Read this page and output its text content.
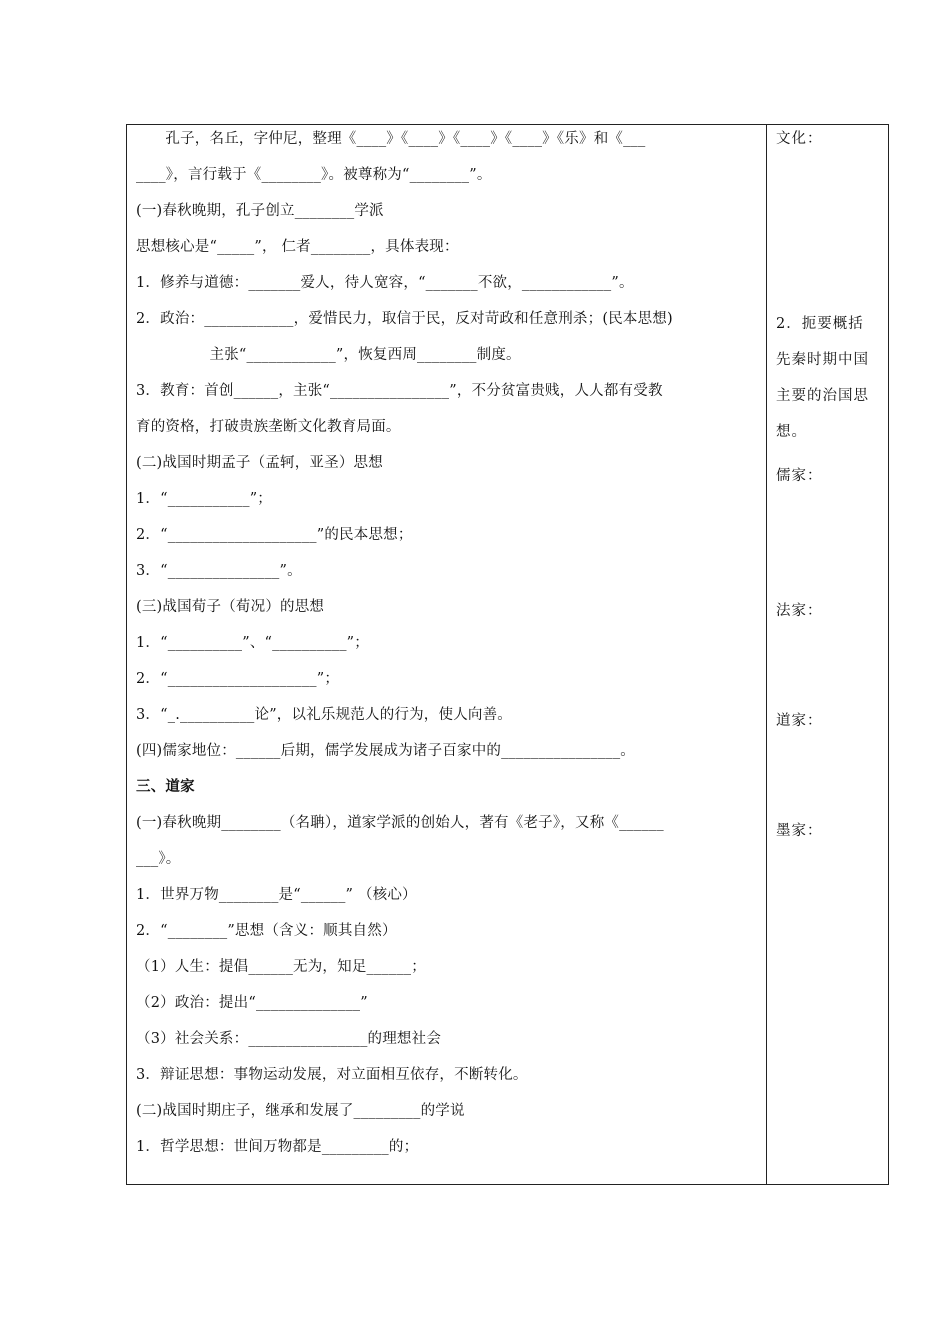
　　孔子，名丘，字仲尼，整理《____》《____》《____》《____》《乐》和《___
____》，言行载于《________》。被尊称为“________”。
(一)春秋晚期，孔子创立________学派
思想核心是“_____”， 仁者________，具体表现：
1．修养与道德：_______爱人，待人宽容，“_______不欲，____________”。
2．政治：____________，爱惜民力，取信于民，反对苛政和任意刑杀；(民本思想)
　　　　　主张“____________”，恢复西周________制度。
3．教育：首创______，主张“________________”，不分贫富贵贱，人人都有受教
育的资格，打破贵族垄断文化教育局面。
(二)战国时期孟子（孟轲，亚圣）思想
1．“___________”；
2．“____________________”的民本思想；
3．“_______________”。
(三)战国荀子（荀况）的思想
1．“__________”、“__________”；
2．“____________________”；
3．“_.__________论”，以礼乐规范人的行为，使人向善。
(四)儒家地位：______后期，儒学发展成为诸子百家中的________________。
三、道家
(一)春秋晚期________（名聃），道家学派的创始人，著有《老子》，又称《______
___》。
1．世界万物________是“______” （核心）
2．“________”思想（含义：顺其自然）
（1）人生：提倡______无为，知足______；
（2）政治：提出“______________”
（3）社会关系：________________的理想社会
3．辩证思想：事物运动发展，对立面相互依存，不断转化。
(二)战国时期庄子，继承和发展了_________的学说
1．哲学思想：世间万物都是_________的；
文化：
2．扼要概括
先秦时期中国
主要的治国思
想。
儒家：
法家：
道家：
墨家：
